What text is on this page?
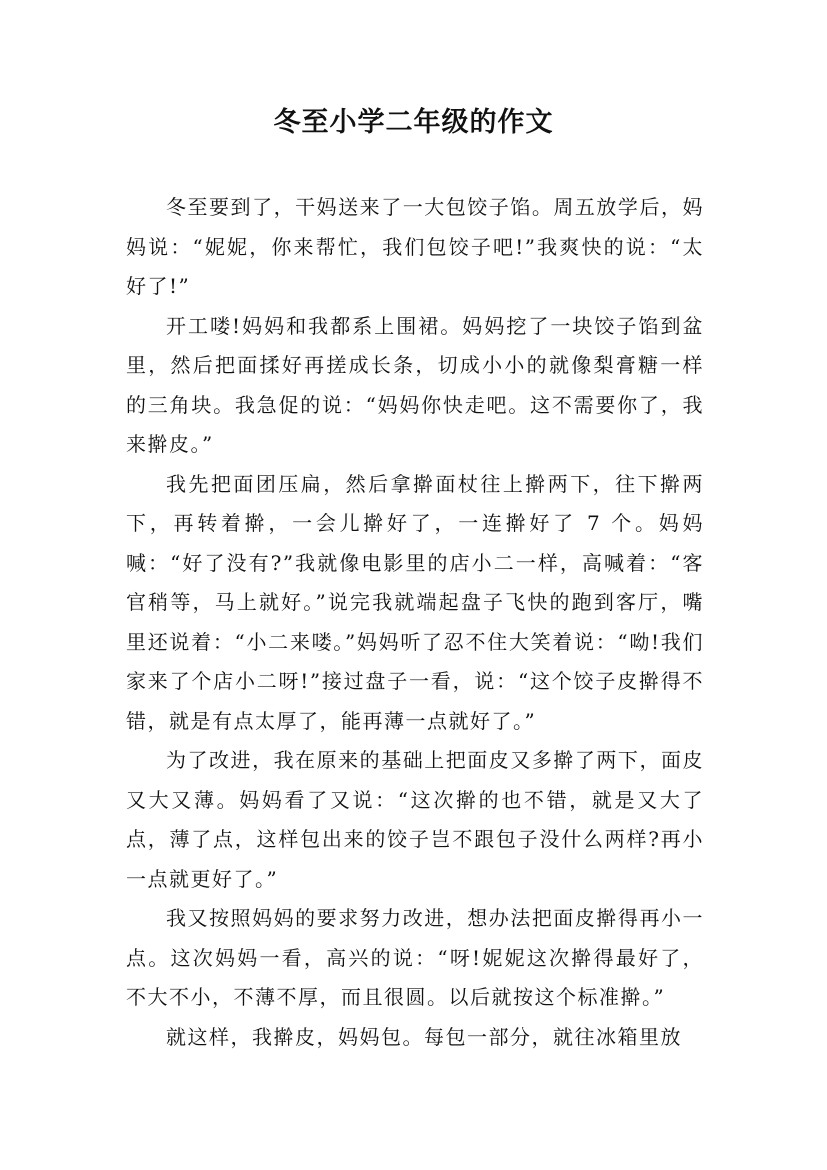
冬至小学二年级的作文

冬至要到了，干妈送来了一大包饺子馅。周五放学后，妈妈说：“妮妮，你来帮忙，我们包饺子吧!”我爽快的说：“太好了!”

开工喽!妈妈和我都系上围裙。妈妈挖了一块饺子馅到盆里，然后把面揉好再搓成长条，切成小小的就像梨膏糖一样的三角块。我急促的说：“妈妈你快走吧。这不需要你了，我来擀皮。”

我先把面团压扁，然后拿擀面杖往上擀两下，往下擀两下，再转着擀，一会儿擀好了，一连擀好了 7 个。妈妈喊：“好了没有?”我就像电影里的店小二一样，高喊着：“客官稍等，马上就好。”说完我就端起盘子飞快的跑到客厅，嘴里还说着：“小二来喽。”妈妈听了忍不住大笑着说：“呦!我们家来了个店小二呀!”接过盘子一看，说：“这个饺子皮擀得不错，就是有点太厚了，能再薄一点就好了。”

为了改进，我在原来的基础上把面皮又多擀了两下，面皮又大又薄。妈妈看了又说：“这次擀的也不错，就是又大了点，薄了点，这样包出来的饺子岂不跟包子没什么两样?再小一点就更好了。”

我又按照妈妈的要求努力改进，想办法把面皮擀得再小一点。这次妈妈一看，高兴的说：“呀!妮妮这次擀得最好了，不大不小，不薄不厚，而且很圆。以后就按这个标准擀。”

就这样，我擀皮，妈妈包。每包一部分，就往冰箱里放
